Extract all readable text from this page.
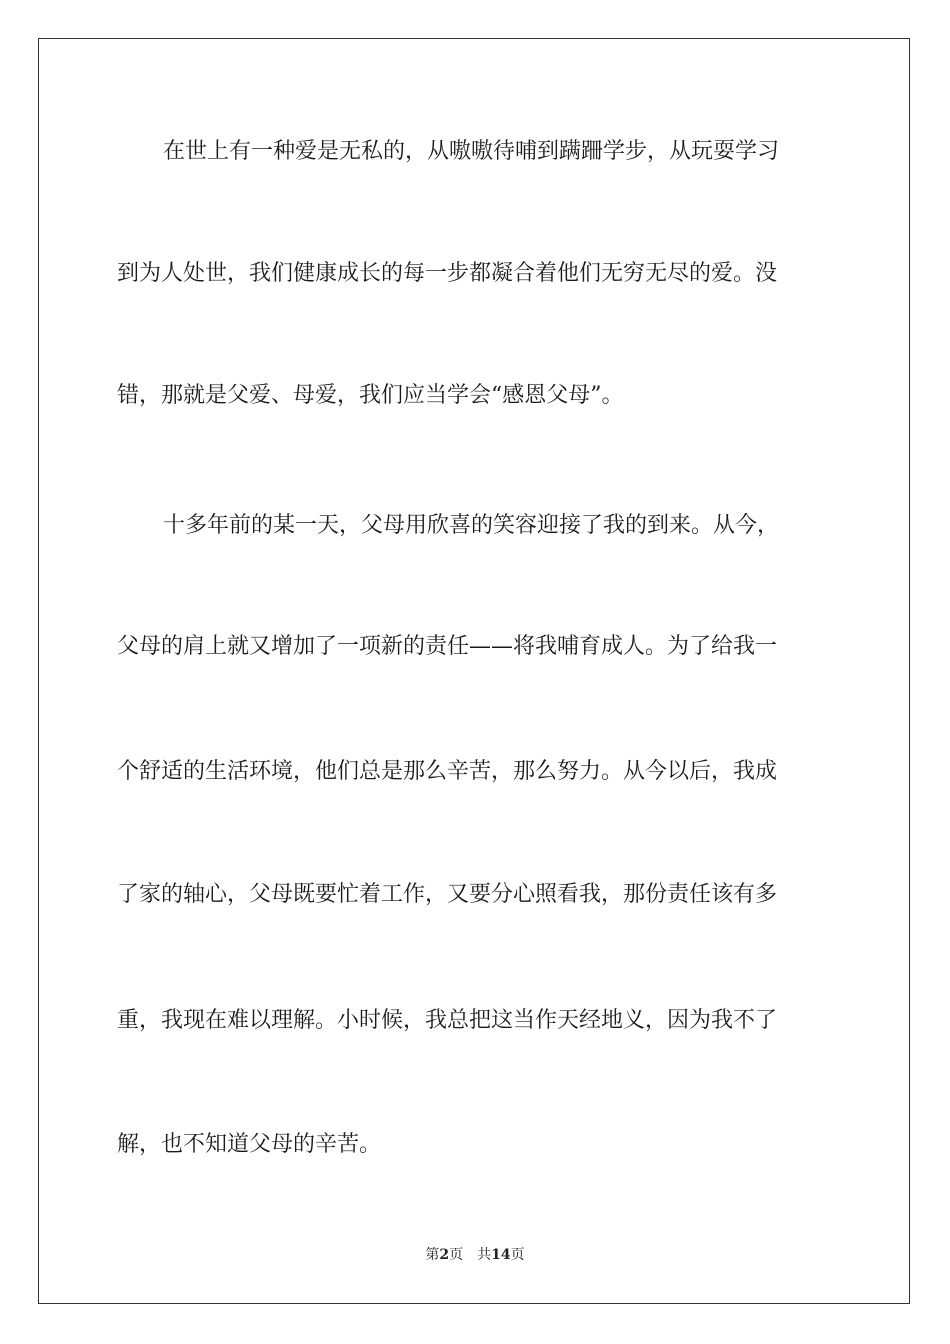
在世上有一种爱是无私的，从嗷嗷待哺到蹒跚学步，从玩耍学习
到为人处世，我们健康成长的每一步都凝合着他们无穷无尽的爱。没
错，那就是父爱、母爱，我们应当学会“感恩父母”。
十多年前的某一天，父母用欣喜的笑容迎接了我的到来。从今，
父母的肩上就又增加了一项新的责任——将我哺育成人。为了给我一
个舒适的生活环境，他们总是那么辛苦，那么努力。从今以后，我成
了家的轴心，父母既要忙着工作，又要分心照看我，那份责任该有多
重，我现在难以理解。小时候，我总把这当作天经地义，因为我不了
解，也不知道父母的辛苦。
第2页 共14页
